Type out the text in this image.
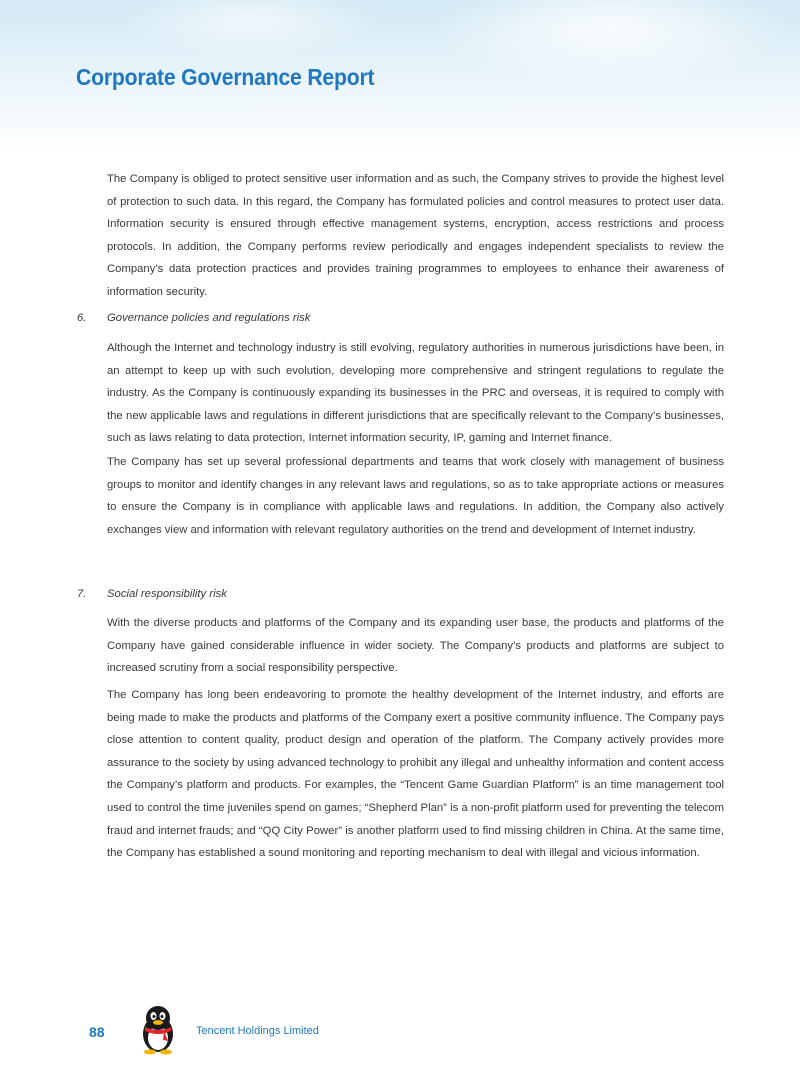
Corporate Governance Report

The Company is obliged to protect sensitive user information and as such, the Company strives to provide the highest level of protection to such data. In this regard, the Company has formulated policies and control measures to protect user data. Information security is ensured through effective management systems, encryption, access restrictions and process protocols. In addition, the Company performs review periodically and engages independent specialists to review the Company’s data protection practices and provides training programmes to employees to enhance their awareness of information security.

6. Governance policies and regulations risk

Although the Internet and technology industry is still evolving, regulatory authorities in numerous jurisdictions have been, in an attempt to keep up with such evolution, developing more comprehensive and stringent regulations to regulate the industry. As the Company is continuously expanding its businesses in the PRC and overseas, it is required to comply with the new applicable laws and regulations in different jurisdictions that are specifically relevant to the Company’s businesses, such as laws relating to data protection, Internet information security, IP, gaming and Internet finance.

The Company has set up several professional departments and teams that work closely with management of business groups to monitor and identify changes in any relevant laws and regulations, so as to take appropriate actions or measures to ensure the Company is in compliance with applicable laws and regulations. In addition, the Company also actively exchanges view and information with relevant regulatory authorities on the trend and development of Internet industry.

7. Social responsibility risk

With the diverse products and platforms of the Company and its expanding user base, the products and platforms of the Company have gained considerable influence in wider society. The Company’s products and platforms are subject to increased scrutiny from a social responsibility perspective.

The Company has long been endeavoring to promote the healthy development of the Internet industry, and efforts are being made to make the products and platforms of the Company exert a positive community influence. The Company pays close attention to content quality, product design and operation of the platform. The Company actively provides more assurance to the society by using advanced technology to prohibit any illegal and unhealthy information and content access the Company’s platform and products. For examples, the “Tencent Game Guardian Platform” is an time management tool used to control the time juveniles spend on games; “Shepherd Plan” is a non-profit platform used for preventing the telecom fraud and internet frauds; and “QQ City Power” is another platform used to find missing children in China. At the same time, the Company has established a sound monitoring and reporting mechanism to deal with illegal and vicious information.

88	Tencent Holdings Limited
